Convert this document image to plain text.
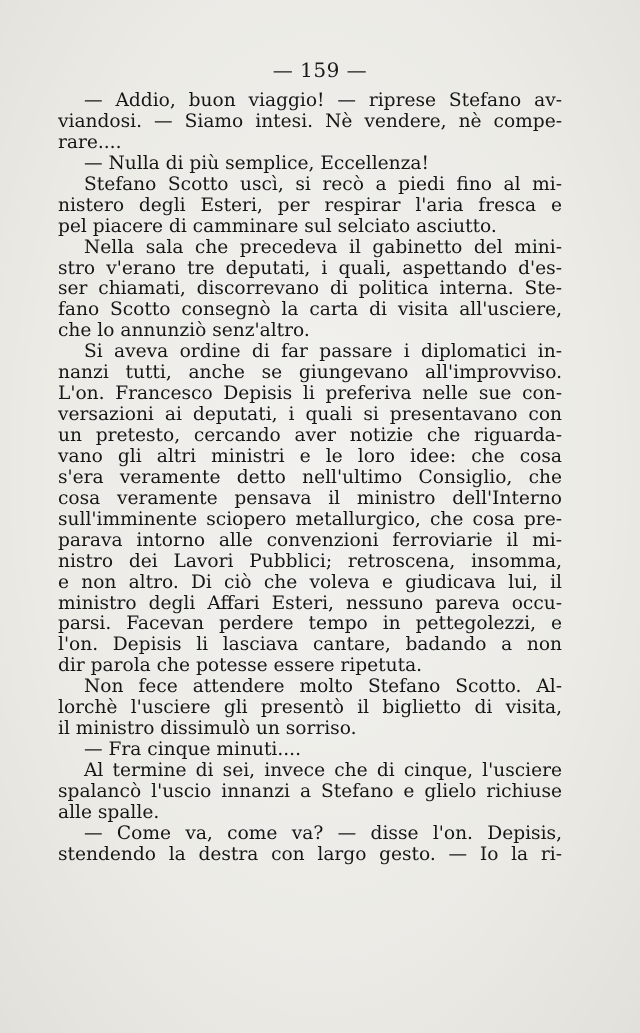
— 159 —
— Addio, buon viaggio! — riprese Stefano av-
viandosi. — Siamo intesi. Nè vendere, nè compe-
rare....
— Nulla di più semplice, Eccellenza!
Stefano Scotto uscì, si recò a piedi fino al mi-
nistero degli Esteri, per respirar l'aria fresca e
pel piacere di camminare sul selciato asciutto.
Nella sala che precedeva il gabinetto del mini-
stro v'erano tre deputati, i quali, aspettando d'es-
ser chiamati, discorrevano di politica interna. Ste-
fano Scotto consegnò la carta di visita all'usciere,
che lo annunziò senz'altro.
Si aveva ordine di far passare i diplomatici in-
nanzi tutti, anche se giungevano all'improvviso.
L'on. Francesco Depisis li preferiva nelle sue con-
versazioni ai deputati, i quali si presentavano con
un pretesto, cercando aver notizie che riguarda-
vano gli altri ministri e le loro idee: che cosa
s'era veramente detto nell'ultimo Consiglio, che
cosa veramente pensava il ministro dell'Interno
sull'imminente sciopero metallurgico, che cosa pre-
parava intorno alle convenzioni ferroviarie il mi-
nistro dei Lavori Pubblici; retroscena, insomma,
e non altro. Di ciò che voleva e giudicava lui, il
ministro degli Affari Esteri, nessuno pareva occu-
parsi. Facevan perdere tempo in pettegolezzi, e
l'on. Depisis li lasciava cantare, badando a non
dir parola che potesse essere ripetuta.
Non fece attendere molto Stefano Scotto. Al-
lorchè l'usciere gli presentò il biglietto di visita,
il ministro dissimulò un sorriso.
— Fra cinque minuti....
Al termine di sei, invece che di cinque, l'usciere
spalancò l'uscio innanzi a Stefano e glielo richiuse
alle spalle.
— Come va, come va? — disse l'on. Depisis,
stendendo la destra con largo gesto. — Io la ri-
